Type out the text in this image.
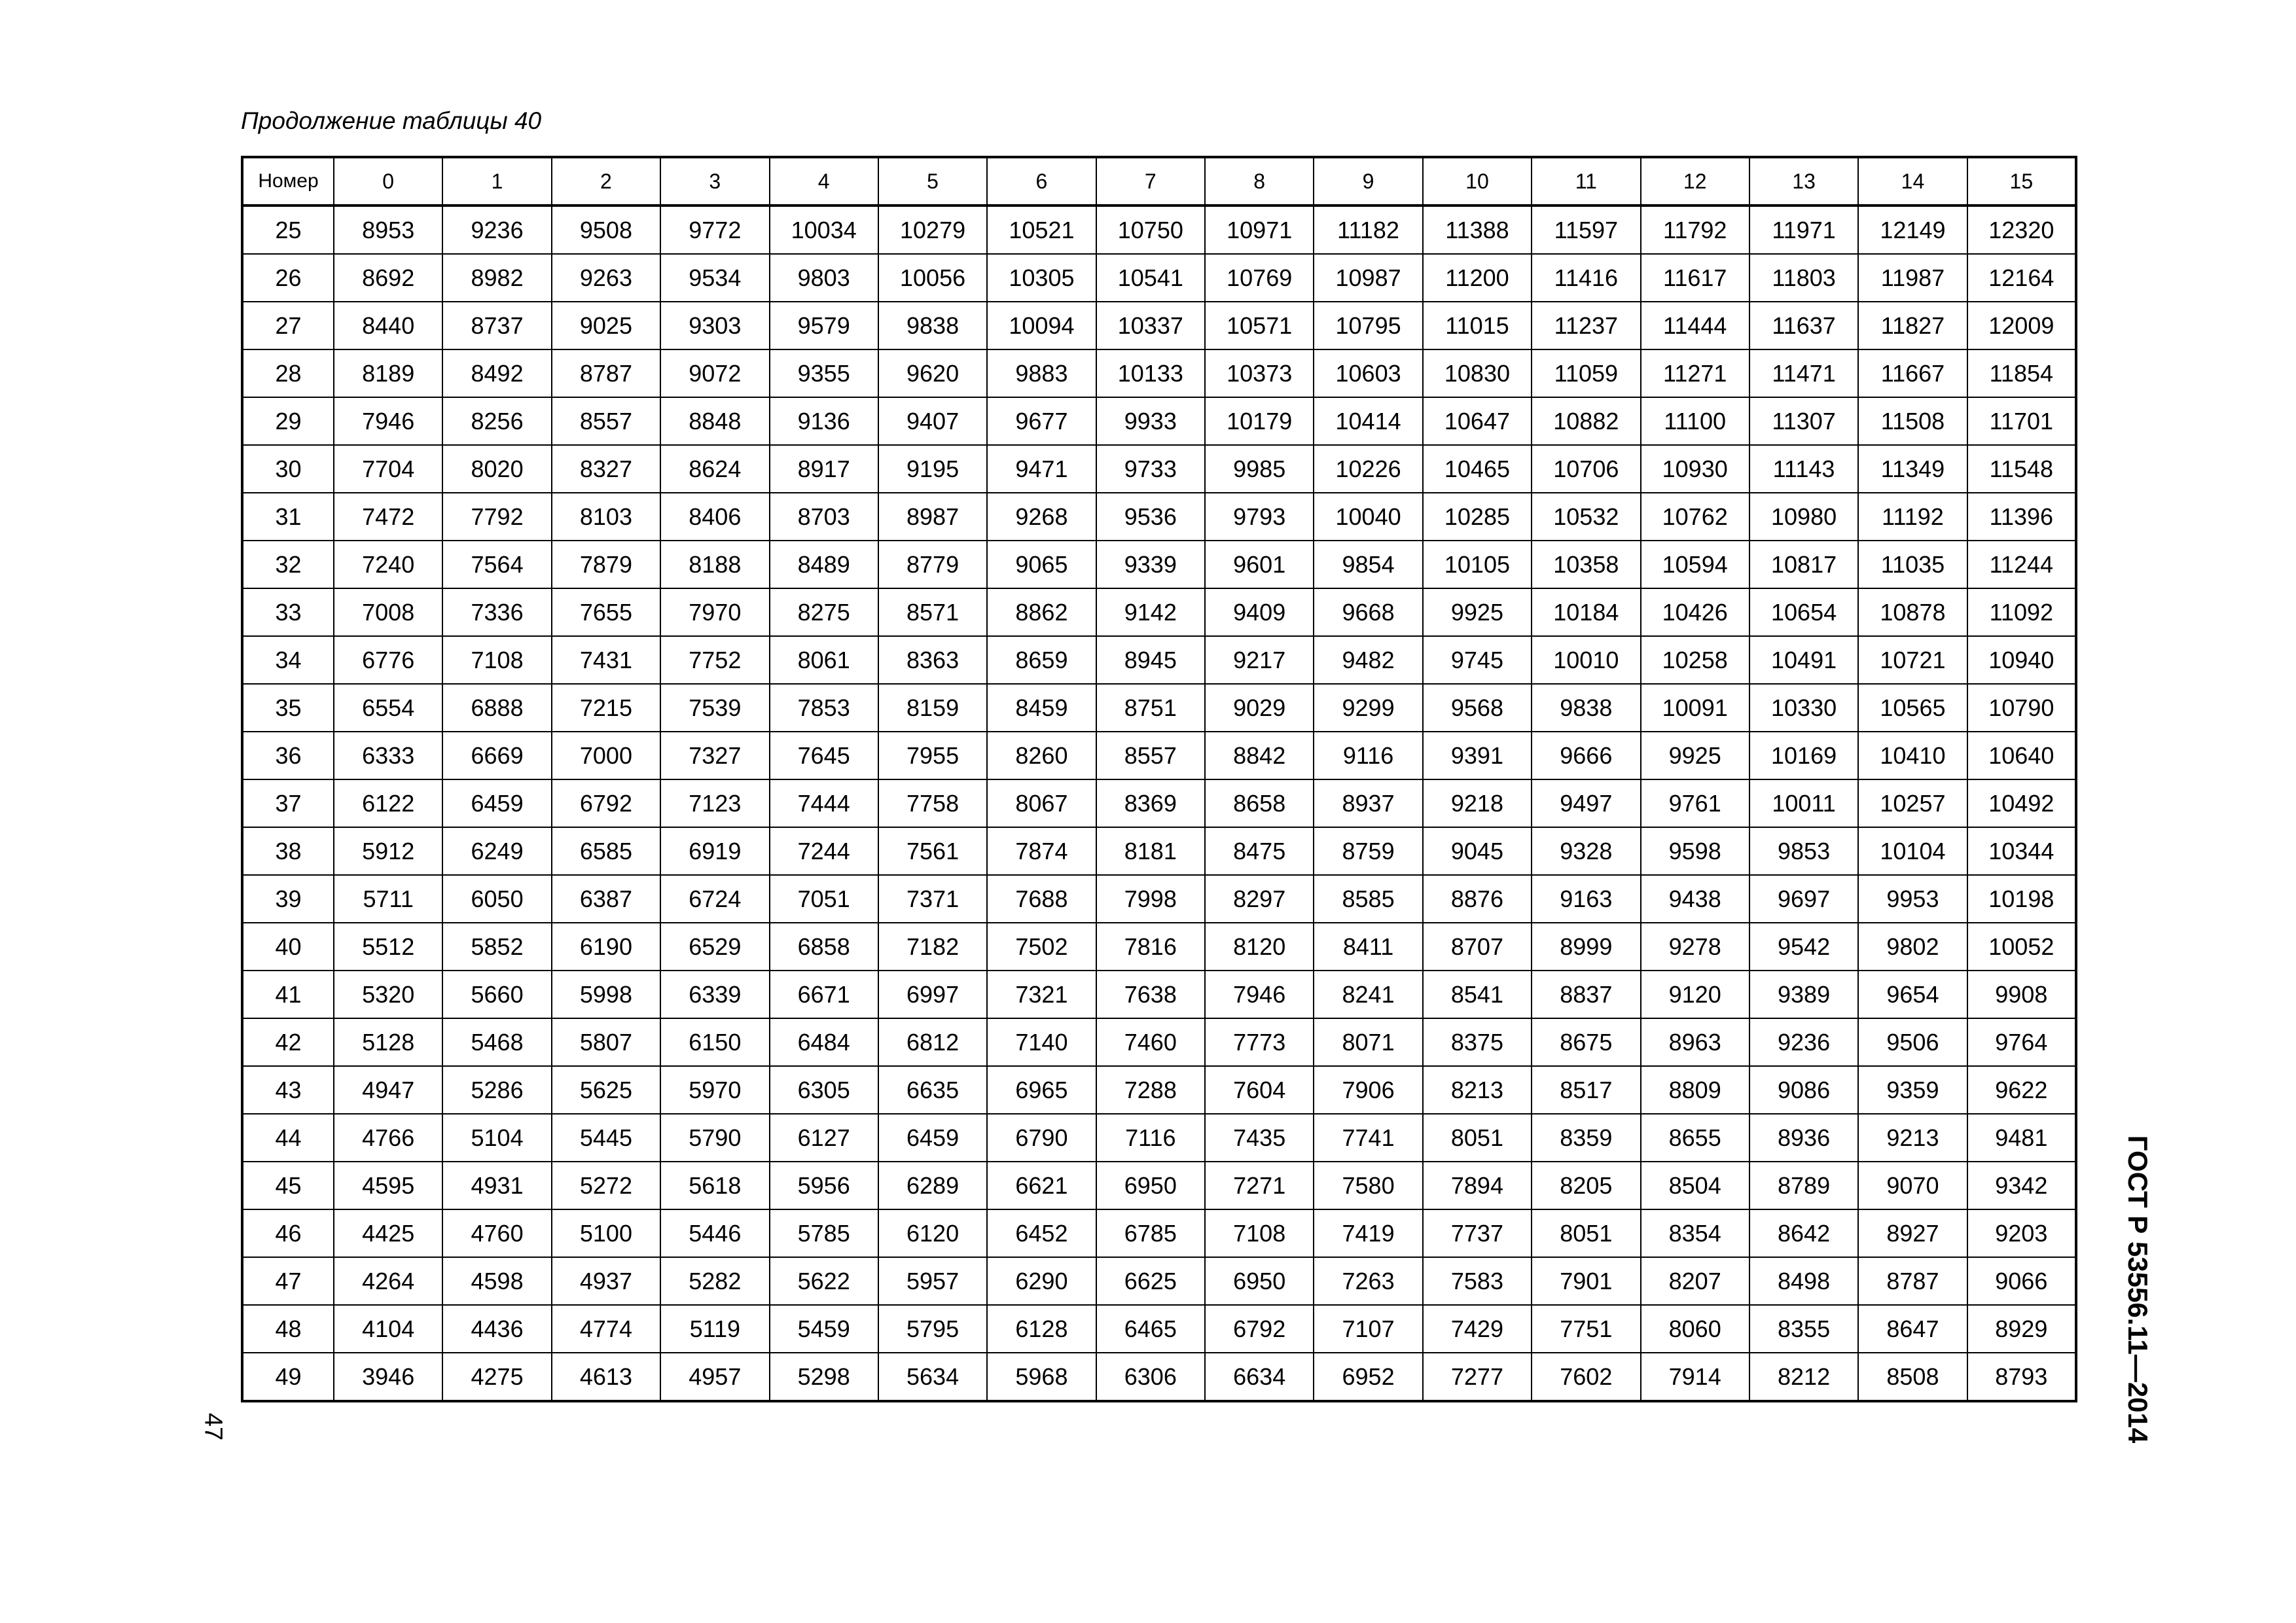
Продолжение таблицы 40
Номер	0	1	2	3	4	5	6	7	8	9	10	11	12	13	14	15
25	8953	9236	9508	9772	10034	10279	10521	10750	10971	11182	11388	11597	11792	11971	12149	12320
26	8692	8982	9263	9534	9803	10056	10305	10541	10769	10987	11200	11416	11617	11803	11987	12164
27	8440	8737	9025	9303	9579	9838	10094	10337	10571	10795	11015	11237	11444	11637	11827	12009
28	8189	8492	8787	9072	9355	9620	9883	10133	10373	10603	10830	11059	11271	11471	11667	11854
29	7946	8256	8557	8848	9136	9407	9677	9933	10179	10414	10647	10882	11100	11307	11508	11701
30	7704	8020	8327	8624	8917	9195	9471	9733	9985	10226	10465	10706	10930	11143	11349	11548
31	7472	7792	8103	8406	8703	8987	9268	9536	9793	10040	10285	10532	10762	10980	11192	11396
32	7240	7564	7879	8188	8489	8779	9065	9339	9601	9854	10105	10358	10594	10817	11035	11244
33	7008	7336	7655	7970	8275	8571	8862	9142	9409	9668	9925	10184	10426	10654	10878	11092
34	6776	7108	7431	7752	8061	8363	8659	8945	9217	9482	9745	10010	10258	10491	10721	10940
35	6554	6888	7215	7539	7853	8159	8459	8751	9029	9299	9568	9838	10091	10330	10565	10790
36	6333	6669	7000	7327	7645	7955	8260	8557	8842	9116	9391	9666	9925	10169	10410	10640
37	6122	6459	6792	7123	7444	7758	8067	8369	8658	8937	9218	9497	9761	10011	10257	10492
38	5912	6249	6585	6919	7244	7561	7874	8181	8475	8759	9045	9328	9598	9853	10104	10344
39	5711	6050	6387	6724	7051	7371	7688	7998	8297	8585	8876	9163	9438	9697	9953	10198
40	5512	5852	6190	6529	6858	7182	7502	7816	8120	8411	8707	8999	9278	9542	9802	10052
41	5320	5660	5998	6339	6671	6997	7321	7638	7946	8241	8541	8837	9120	9389	9654	9908
42	5128	5468	5807	6150	6484	6812	7140	7460	7773	8071	8375	8675	8963	9236	9506	9764
43	4947	5286	5625	5970	6305	6635	6965	7288	7604	7906	8213	8517	8809	9086	9359	9622
44	4766	5104	5445	5790	6127	6459	6790	7116	7435	7741	8051	8359	8655	8936	9213	9481
45	4595	4931	5272	5618	5956	6289	6621	6950	7271	7580	7894	8205	8504	8789	9070	9342
46	4425	4760	5100	5446	5785	6120	6452	6785	7108	7419	7737	8051	8354	8642	8927	9203
47	4264	4598	4937	5282	5622	5957	6290	6625	6950	7263	7583	7901	8207	8498	8787	9066
48	4104	4436	4774	5119	5459	5795	6128	6465	6792	7107	7429	7751	8060	8355	8647	8929
49	3946	4275	4613	4957	5298	5634	5968	6306	6634	6952	7277	7602	7914	8212	8508	8793	ГОСТ Р 53556.11—2014
47
